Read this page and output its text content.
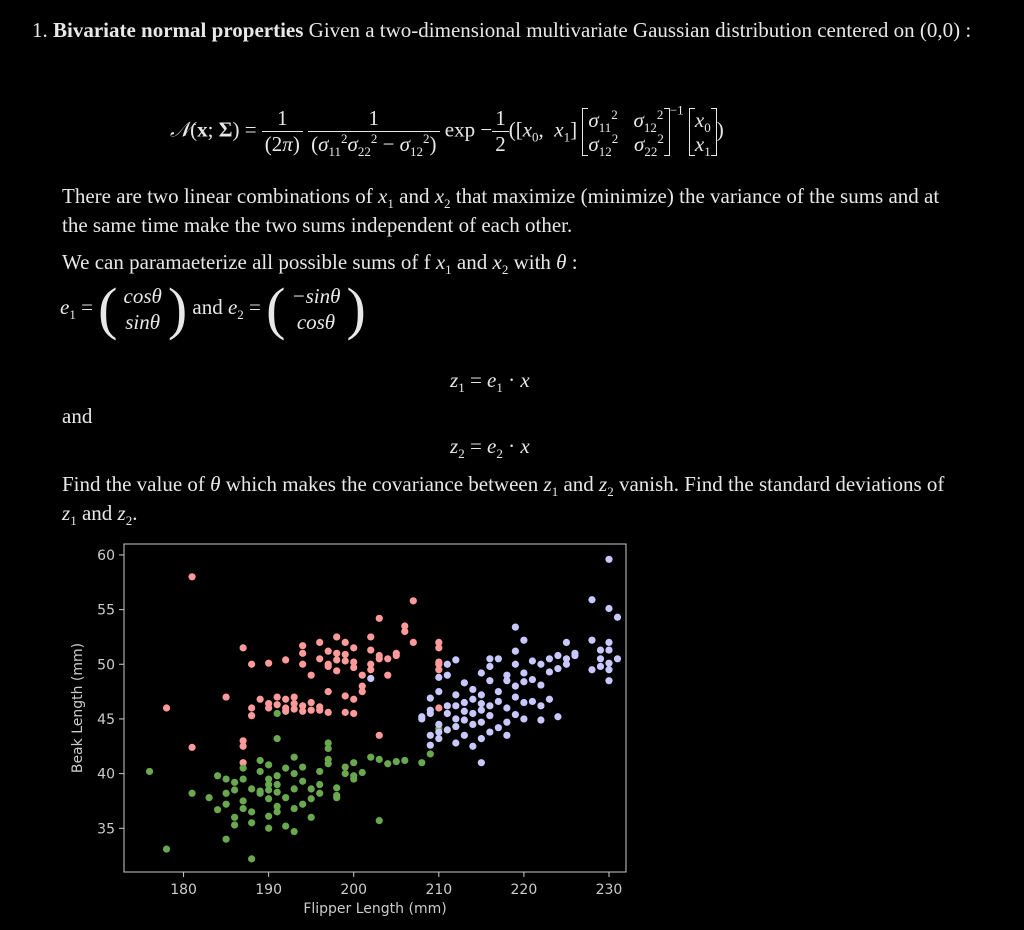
1. Bivariate normal properties Given a two-dimensional multivariate Gaussian distribution centered on (0,0) :
𝒩(x; $\Sigma) = \frac{1}{(2\pi)}$
$\frac{1}{(\sigma_{11}^2\sigma_{22}^2 - \sigma_{12}^2)}$ $\exp - \frac{1}{2} ([x_0$,  $x_1$] $\sigma_{11}^2$ $\sigma_{12}^2$
$\sigma_{12}^2$ $\sigma_{22}^2$
$^{-1}$ $x_0$
$x_1$
)
There are two linear combinations of $x_1$ and $x_2$ that maximize (minimize) the variance of the sums and at the same time make the two sums independent of each other.
We can paramaeterize all possible sums of f $x_1$ and $x_2$ with θ :
$e_1$ = ( cosθ
sinθ ) and $e_2$ = ( −sinθ
cosθ )
$z_1 = e_1 \cdot x$
and
$z_2 = e_2 \cdot x$
Find the value of θ which makes the covariance between $z_1$ and $z_2$ vanish. Find the standard deviations of $z_1$ and $z_2$.
180	190	200	210	220	230
35
40
45
50
55
60
Flipper Length (mm)
Beak Length (mm)
